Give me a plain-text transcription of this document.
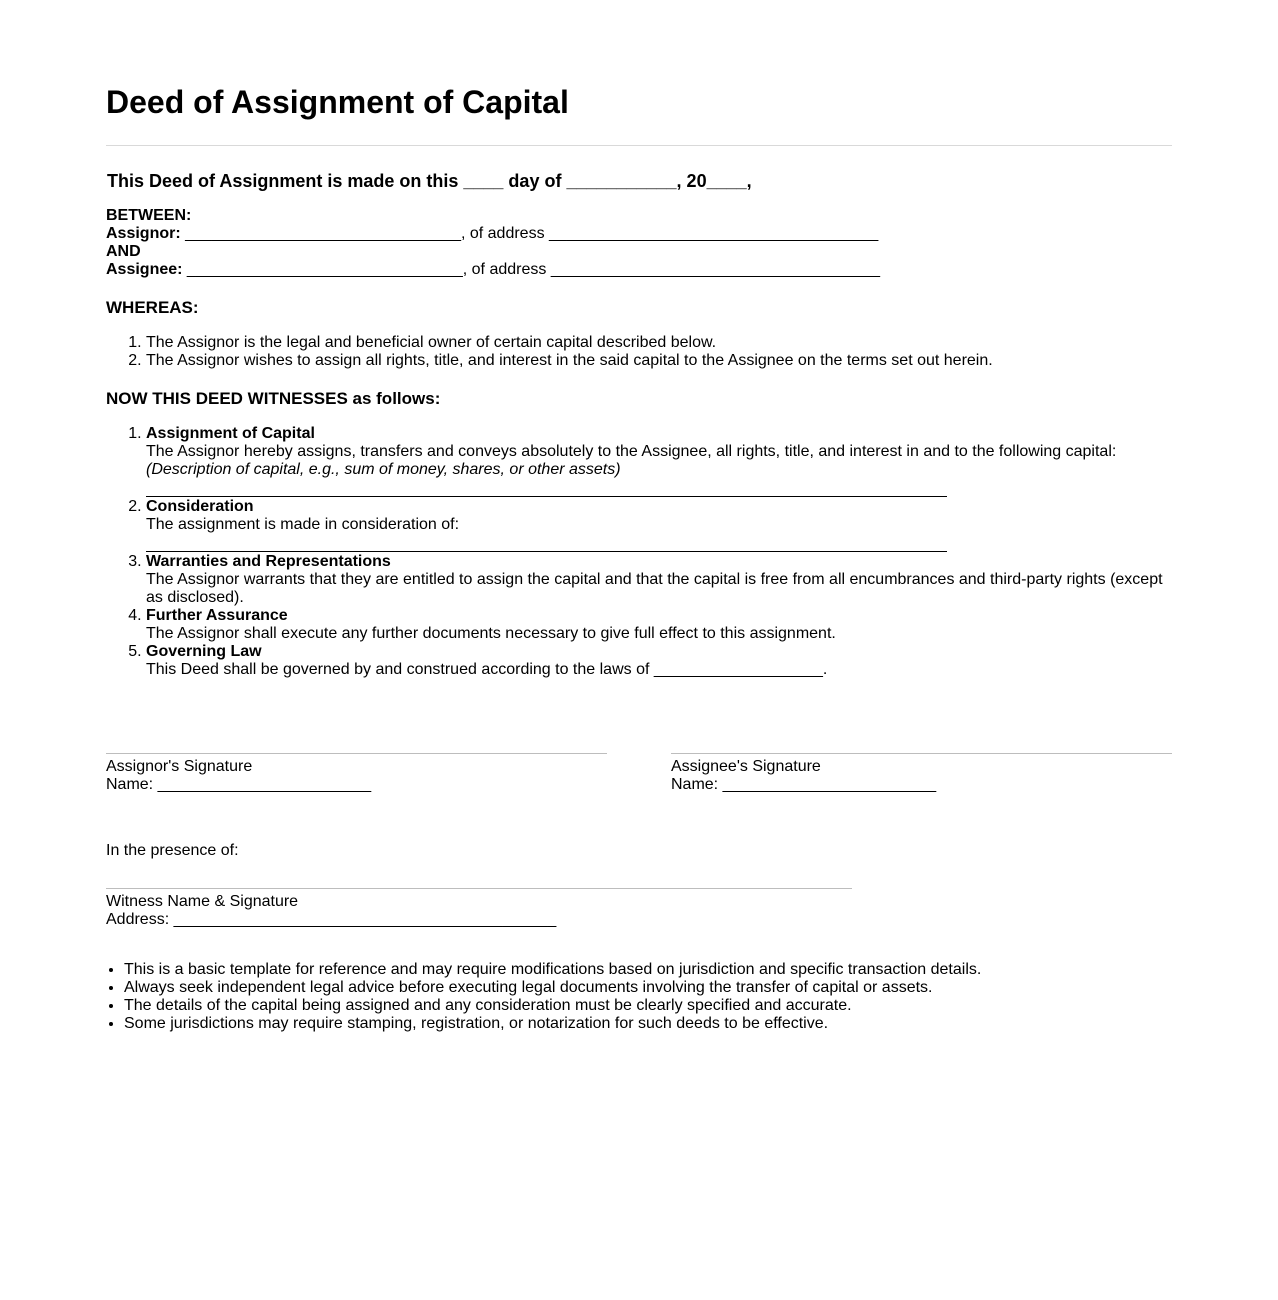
Deed of Assignment of Capital
This Deed of Assignment is made on this ____ day of ___________, 20____,
BETWEEN:
Assignor: _______________________________, of address _____________________________________
AND
Assignee: _______________________________, of address _____________________________________
WHEREAS:
1. The Assignor is the legal and beneficial owner of certain capital described below.
2. The Assignor wishes to assign all rights, title, and interest in the said capital to the Assignee on the terms set out herein.
NOW THIS DEED WITNESSES as follows:
1. Assignment of Capital
The Assignor hereby assigns, transfers and conveys absolutely to the Assignee, all rights, title, and interest in and to the following capital:
(Description of capital, e.g., sum of money, shares, or other assets)
2. Consideration
The assignment is made in consideration of:
3. Warranties and Representations
The Assignor warrants that they are entitled to assign the capital and that the capital is free from all encumbrances and third-party rights (except as disclosed).
4. Further Assurance
The Assignor shall execute any further documents necessary to give full effect to this assignment.
5. Governing Law
This Deed shall be governed by and construed according to the laws of ___________________.
Assignor's Signature
Name: ________________________
Assignee's Signature
Name: ________________________
In the presence of:
Witness Name & Signature
Address: ___________________________________________
• This is a basic template for reference and may require modifications based on jurisdiction and specific transaction details.
• Always seek independent legal advice before executing legal documents involving the transfer of capital or assets.
• The details of the capital being assigned and any consideration must be clearly specified and accurate.
• Some jurisdictions may require stamping, registration, or notarization for such deeds to be effective.
